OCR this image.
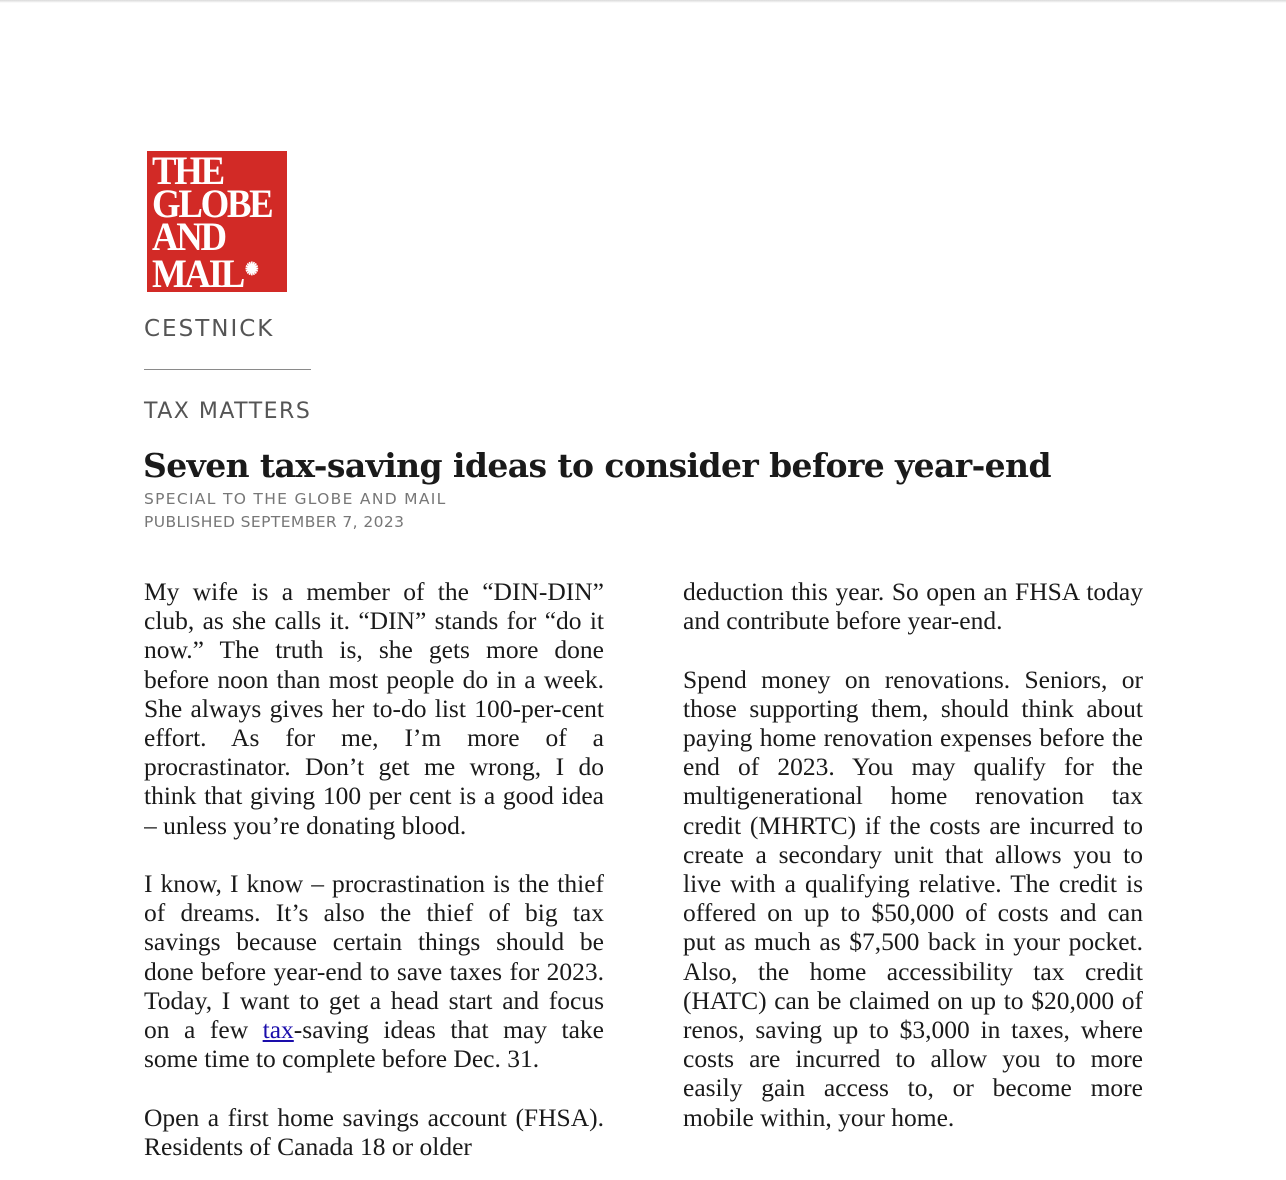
THE
GLOBE
AND
MAIL ✺
CESTNICK
TAX MATTERS
Seven tax-saving ideas to consider before year-end
SPECIAL TO THE GLOBE AND MAIL
PUBLISHED SEPTEMBER 7, 2023

My wife is a member of the “DIN-DIN” club, as she calls it. “DIN” stands for “do it now.” The truth is, she gets more done before noon than most people do in a week. She always gives her to-do list 100-per-cent effort. As for me, I’m more of a procrastinator. Don’t get me wrong, I do think that giving 100 per cent is a good idea – unless you’re donating blood.

I know, I know – procrastination is the thief of dreams. It’s also the thief of big tax savings because certain things should be done before year-end to save taxes for 2023. Today, I want to get a head start and focus on a few tax-saving ideas that may take some time to complete before Dec. 31.

Open a first home savings account (FHSA). Residents of Canada 18 or older

deduction this year. So open an FHSA today and contribute before year-end.

Spend money on renovations. Seniors, or those supporting them, should think about paying home renovation expenses before the end of 2023. You may qualify for the multigenerational home renovation tax credit (MHRTC) if the costs are incurred to create a secondary unit that allows you to live with a qualifying relative. The credit is offered on up to $50,000 of costs and can put as much as $7,500 back in your pocket. Also, the home accessibility tax credit (HATC) can be claimed on up to $20,000 of renos, saving up to $3,000 in taxes, where costs are incurred to allow you to more easily gain access to, or become more mobile within, your home.
